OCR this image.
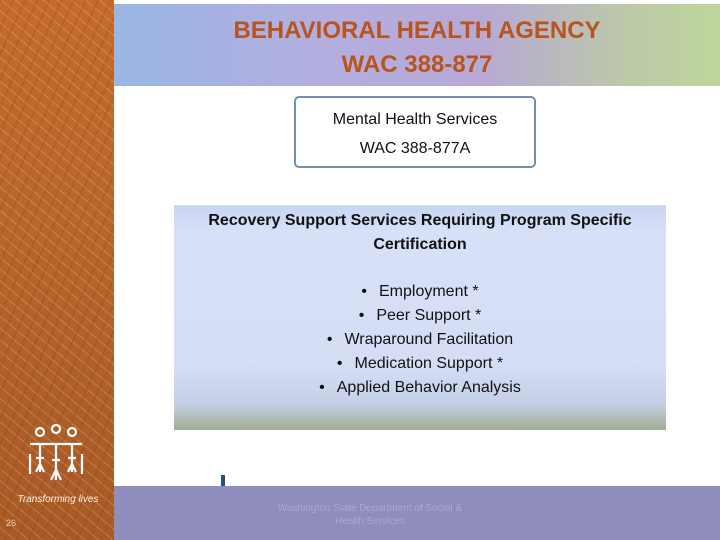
Transforming lives
26
BEHAVIORAL HEALTH AGENCY
WAC 388-877
Mental Health Services
WAC 388-877A
Recovery Support Services Requiring Program Specific
Certification
• Employment *
• Peer Support *
• Wraparound Facilitation
• Medication Support *
• Applied Behavior Analysis
Washington State Department of Social &
Health Services
